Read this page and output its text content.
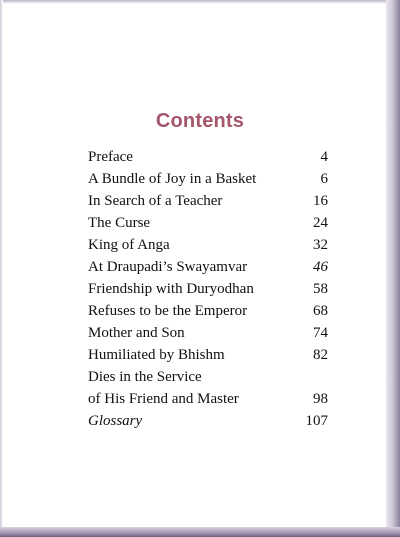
Contents
Preface	4
A Bundle of Joy in a Basket	6
In Search of a Teacher	16
The Curse	24
King of Anga	32
At Draupadi’s Swayamvar	46
Friendship with Duryodhan	58
Refuses to be the Emperor	68
Mother and Son	74
Humiliated by Bhishm	82
Dies in the Service
of His Friend and Master	98
Glossary	107
